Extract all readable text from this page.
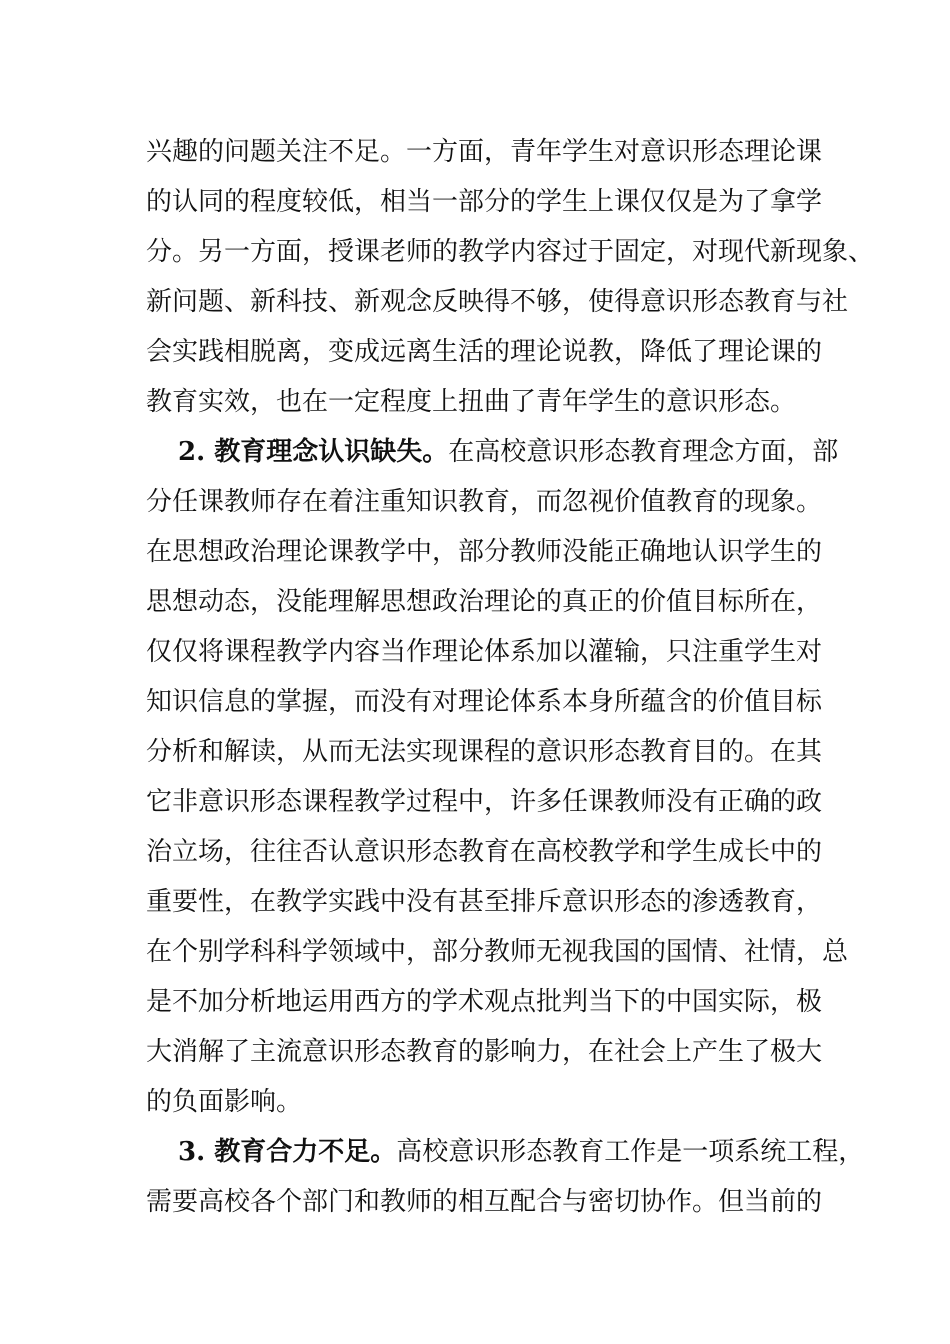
兴趣的问题关注不足。一方面，青年学生对意识形态理论课
的认同的程度较低，相当一部分的学生上课仅仅是为了拿学
分。另一方面，授课老师的教学内容过于固定，对现代新现象、
新问题、新科技、新观念反映得不够，使得意识形态教育与社
会实践相脱离，变成远离生活的理论说教，降低了理论课的
教育实效，也在一定程度上扭曲了青年学生的意识形态。
2. 教育理念认识缺失。在高校意识形态教育理念方面，部
分任课教师存在着注重知识教育，而忽视价值教育的现象。
在思想政治理论课教学中，部分教师没能正确地认识学生的
思想动态，没能理解思想政治理论的真正的价值目标所在，
仅仅将课程教学内容当作理论体系加以灌输，只注重学生对
知识信息的掌握，而没有对理论体系本身所蕴含的价值目标
分析和解读，从而无法实现课程的意识形态教育目的。在其
它非意识形态课程教学过程中，许多任课教师没有正确的政
治立场，往往否认意识形态教育在高校教学和学生成长中的
重要性，在教学实践中没有甚至排斥意识形态的渗透教育，
在个别学科科学领域中，部分教师无视我国的国情、社情，总
是不加分析地运用西方的学术观点批判当下的中国实际，极
大消解了主流意识形态教育的影响力，在社会上产生了极大
的负面影响。
3. 教育合力不足。高校意识形态教育工作是一项系统工程，
需要高校各个部门和教师的相互配合与密切协作。但当前的
